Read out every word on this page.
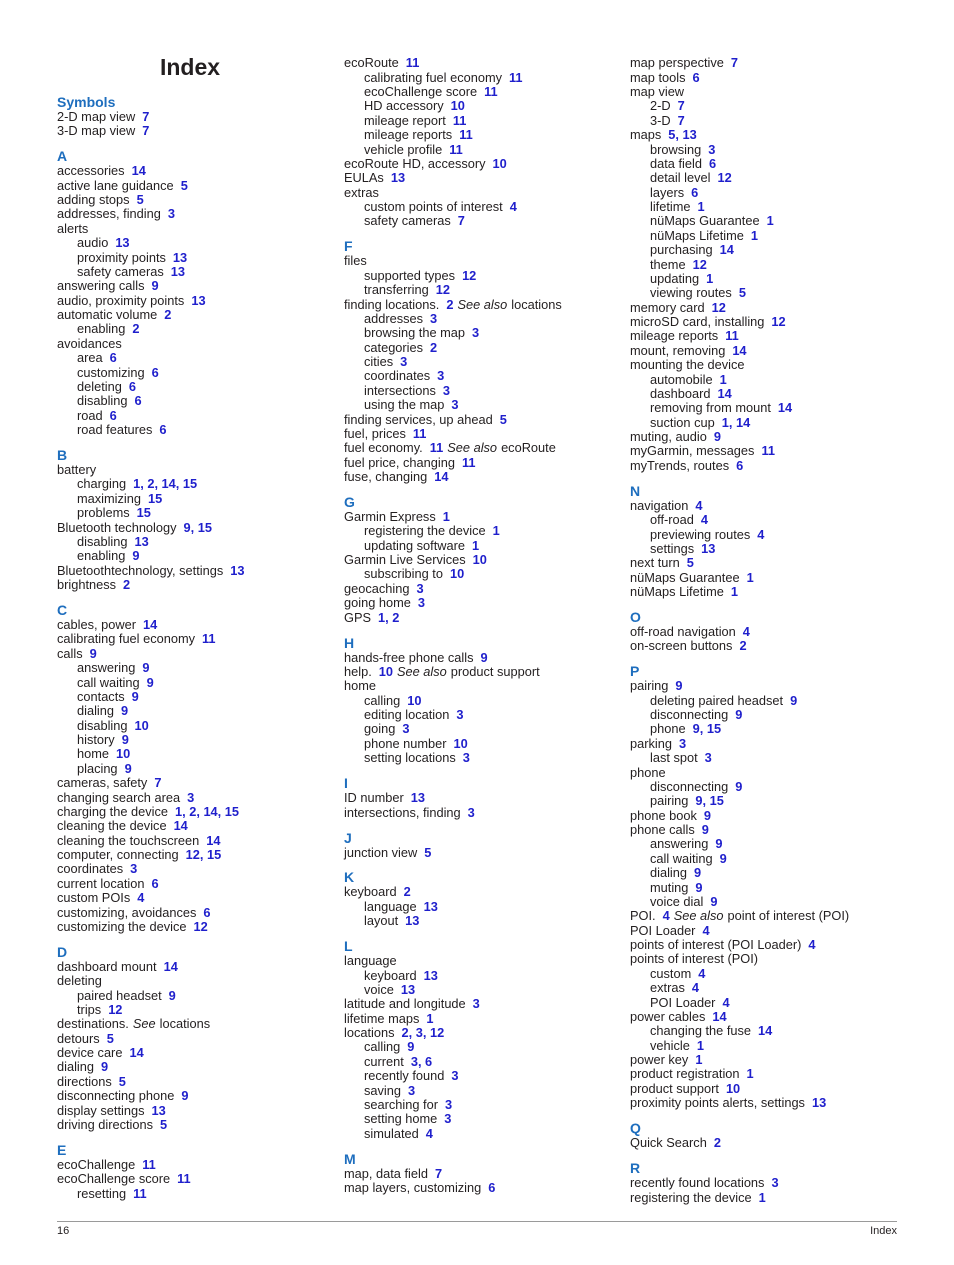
Index
Symbols
2-D map view 7
3-D map view 7
A
accessories 14
active lane guidance 5
adding stops 5
addresses, finding 3
alerts
audio 13
proximity points 13
safety cameras 13
answering calls 9
audio, proximity points 13
automatic volume 2
enabling 2
avoidances
area 6
customizing 6
deleting 6
disabling 6
road 6
road features 6
B
battery
charging 1, 2, 14, 15
maximizing 15
problems 15
Bluetooth technology 9, 15
disabling 13
enabling 9
Bluetoothtechnology, settings 13
brightness 2
C
cables, power 14
calibrating fuel economy 11
calls 9
answering 9
call waiting 9
contacts 9
dialing 9
disabling 10
history 9
home 10
placing 9
cameras, safety 7
changing search area 3
charging the device 1, 2, 14, 15
cleaning the device 14
cleaning the touchscreen 14
computer, connecting 12, 15
coordinates 3
current location 6
custom POIs 4
customizing, avoidances 6
customizing the device 12
D
dashboard mount 14
deleting
paired headset 9
trips 12
destinations. See locations
detours 5
device care 14
dialing 9
directions 5
disconnecting phone 9
display settings 13
driving directions 5
E
ecoChallenge 11
ecoChallenge score 11
resetting 11
ecoRoute 11
calibrating fuel economy 11
ecoChallenge score 11
HD accessory 10
mileage report 11
mileage reports 11
vehicle profile 11
ecoRoute HD, accessory 10
EULAs 13
extras
custom points of interest 4
safety cameras 7
F
files
supported types 12
transferring 12
finding locations. 2 See also locations
addresses 3
browsing the map 3
categories 2
cities 3
coordinates 3
intersections 3
using the map 3
finding services, up ahead 5
fuel, prices 11
fuel economy. 11 See also ecoRoute
fuel price, changing 11
fuse, changing 14
G
Garmin Express 1
registering the device 1
updating software 1
Garmin Live Services 10
subscribing to 10
geocaching 3
going home 3
GPS 1, 2
H
hands-free phone calls 9
help. 10 See also product support
home
calling 10
editing location 3
going 3
phone number 10
setting locations 3
I
ID number 13
intersections, finding 3
J
junction view 5
K
keyboard 2
language 13
layout 13
L
language
keyboard 13
voice 13
latitude and longitude 3
lifetime maps 1
locations 2, 3, 12
calling 9
current 3, 6
recently found 3
saving 3
searching for 3
setting home 3
simulated 4
M
map, data field 7
map layers, customizing 6
map perspective 7
map tools 6
map view
2-D 7
3-D 7
maps 5, 13
browsing 3
data field 6
detail level 12
layers 6
lifetime 1
nüMaps Guarantee 1
nüMaps Lifetime 1
purchasing 14
theme 12
updating 1
viewing routes 5
memory card 12
microSD card, installing 12
mileage reports 11
mount, removing 14
mounting the device
automobile 1
dashboard 14
removing from mount 14
suction cup 1, 14
muting, audio 9
myGarmin, messages 11
myTrends, routes 6
N
navigation 4
off-road 4
previewing routes 4
settings 13
next turn 5
nüMaps Guarantee 1
nüMaps Lifetime 1
O
off-road navigation 4
on-screen buttons 2
P
pairing 9
deleting paired headset 9
disconnecting 9
phone 9, 15
parking 3
last spot 3
phone
disconnecting 9
pairing 9, 15
phone book 9
phone calls 9
answering 9
call waiting 9
dialing 9
muting 9
voice dial 9
POI. 4 See also point of interest (POI)
POI Loader 4
points of interest (POI Loader) 4
points of interest (POI)
custom 4
extras 4
POI Loader 4
power cables 14
changing the fuse 14
vehicle 1
power key 1
product registration 1
product support 10
proximity points alerts, settings 13
Q
Quick Search 2
R
recently found locations 3
registering the device 1
16	Index
